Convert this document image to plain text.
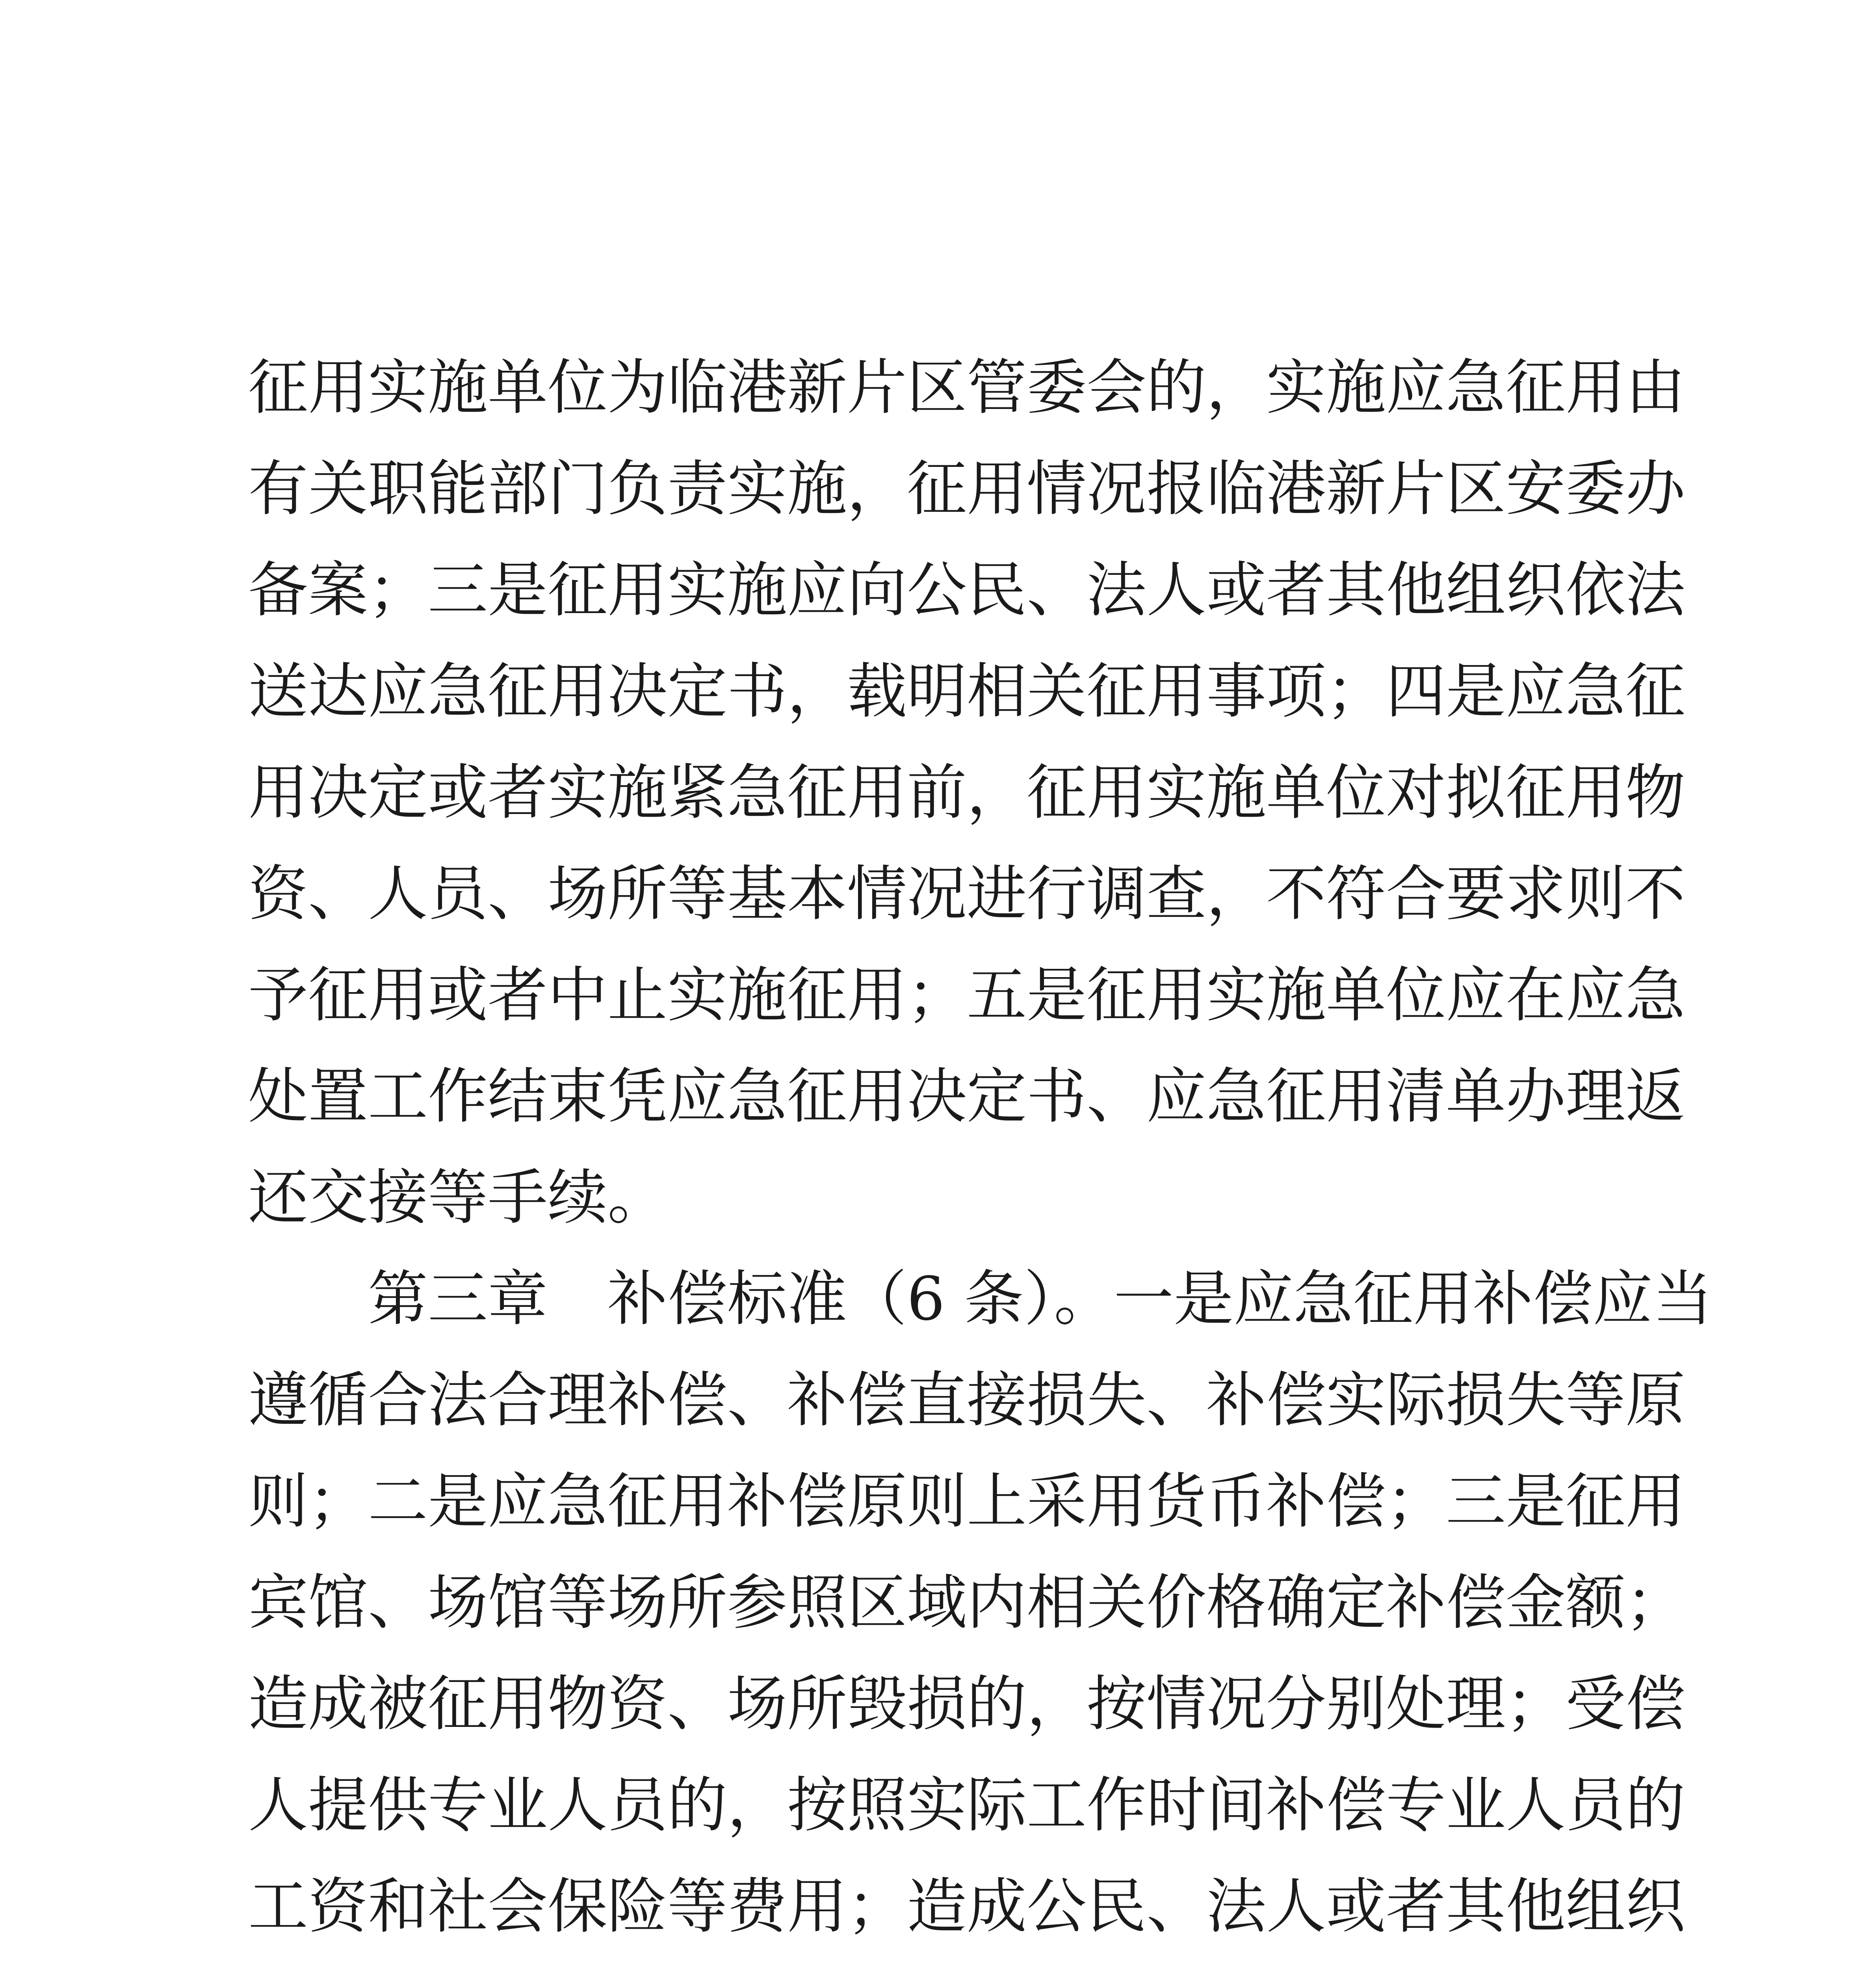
征用实施单位为临港新片区管委会的，实施应急征用由
有关职能部门负责实施，征用情况报临港新片区安委办
备案；三是征用实施应向公民、法人或者其他组织依法
送达应急征用决定书，载明相关征用事项；四是应急征
用决定或者实施紧急征用前，征用实施单位对拟征用物
资、人员、场所等基本情况进行调查，不符合要求则不
予征用或者中止实施征用；五是征用实施单位应在应急
处置工作结束凭应急征用决定书、应急征用清单办理返
还交接等手续。
　　第三章　补偿标准（6 条）。一是应急征用补偿应当
遵循合法合理补偿、补偿直接损失、补偿实际损失等原
则；二是应急征用补偿原则上采用货币补偿；三是征用
宾馆、场馆等场所参照区域内相关价格确定补偿金额；
造成被征用物资、场所毁损的，按情况分别处理；受偿
人提供专业人员的，按照实际工作时间补偿专业人员的
工资和社会保险等费用；造成公民、法人或者其他组织
